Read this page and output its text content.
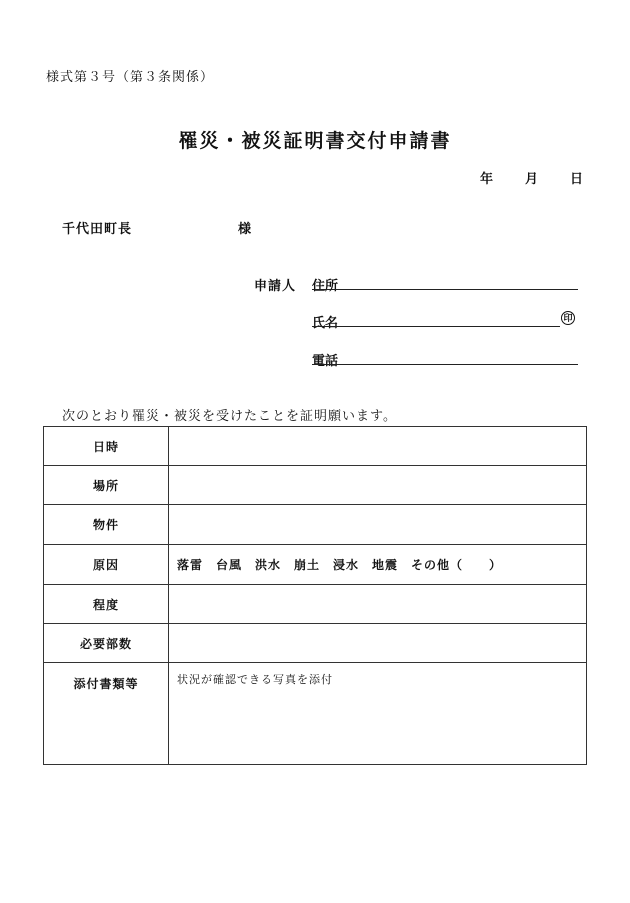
様式第３号（第３条関係）
罹災・被災証明書交付申請書
年 月 日
千代田町長	様
申請人 住所
氏名	印
電話
次のとおり罹災・被災を受けたことを証明願います。
日時	
場所	
物件	
原因	落雷　台風　洪水　崩土　浸水　地震　その他（　　）
程度	
必要部数	
添付書類等	状況が確認できる写真を添付
